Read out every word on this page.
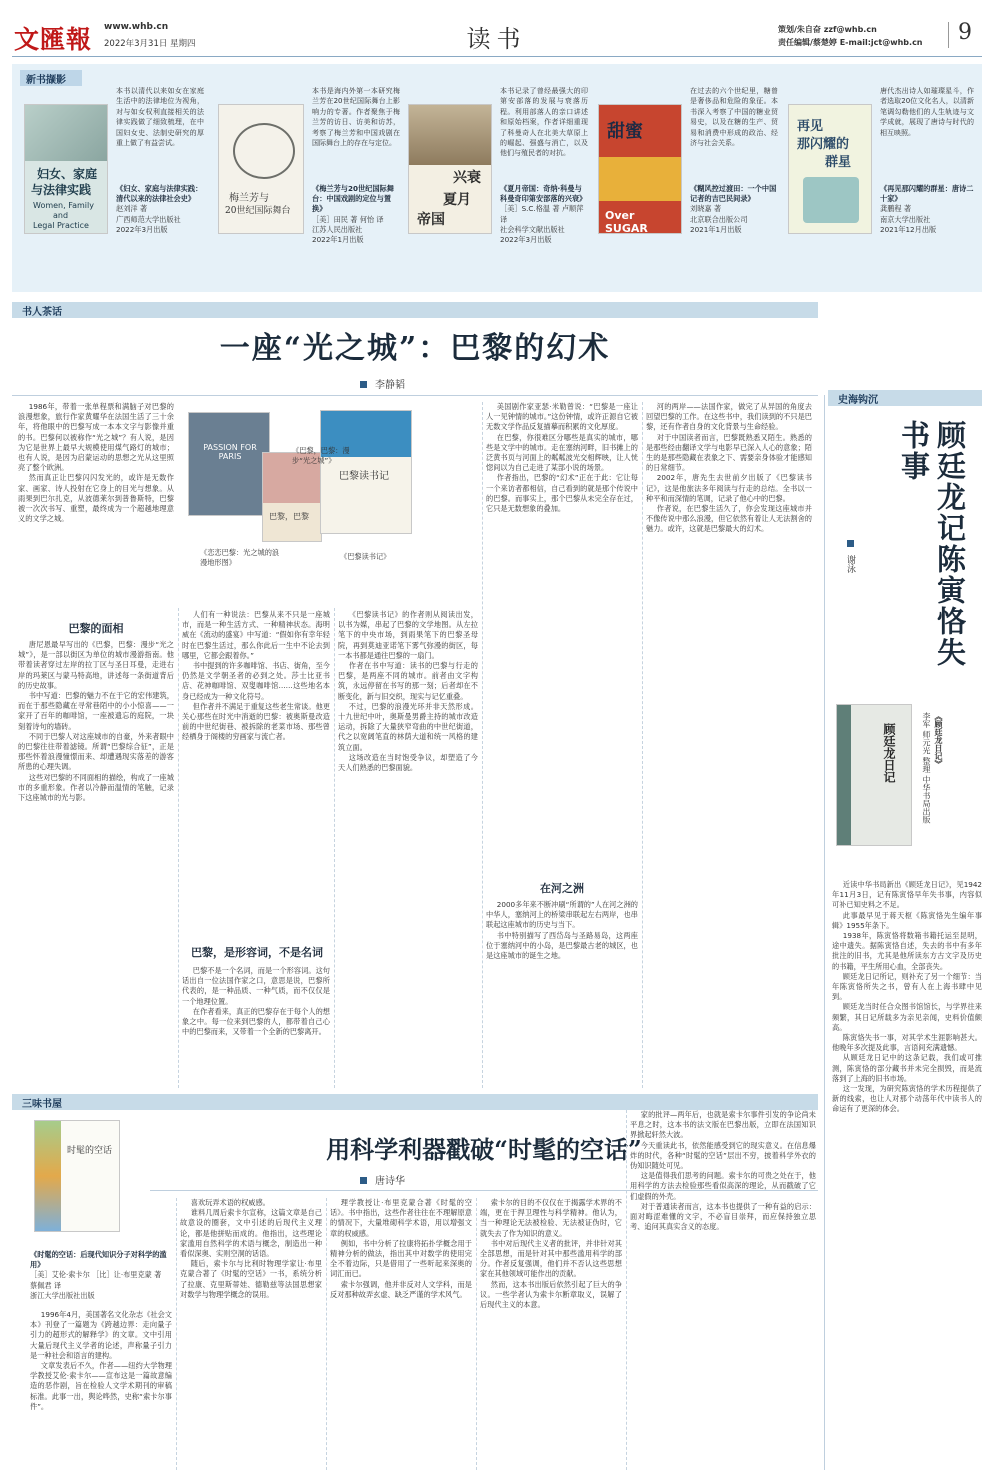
文匯報 www.whb.cn
2022年3月31日 星期四	读书	策划/朱自奋 zzf@whb.cn
责任编辑/蔡楚婷 E-mail:jct@whb.cn 9
新书撷影
妇女、家庭
与法律实践
Women, Family
and
Legal Practice
本书以清代以来如女在家庭生活中的法律地位为视角，对与如女权利直接相关的法律实践做了细致梳理，在中国妇女史、法制史研究的厚重上做了有益尝试。
《妇女、家庭与法律实践：清代以来的法律社会史》
赵刘洋 著
广西师范大学出版社
2022年3月出版
梅兰芳与
20世纪国际舞台
本书是海内外第一本研究梅兰芳在20世纪国际舞台上影响力的专著。作者聚焦于梅兰芳的访日、访美和访苏，考察了梅兰芳和中国戏剧在国际舞台上的存在与定位。
《梅兰芳与20世纪国际舞台：中国戏剧的定位与置换》
［美］田民 著 何怡 译
江苏人民出版社
2022年1月出版
兴衰
夏月
帝国
本书记录了曾经最强大的印第安部落的发展与衰落历程。利用部落人的亲口讲述和原始档案，作者详细重现了科曼奇人在北美大草原上的崛起、强盛与消亡，以及他们与殖民者的对抗。
《夏月帝国：奇纳·科曼与科曼奇印第安部落的兴衰》
［美］S.C.格温 著 卢顺萍 译
社会科学文献出版社
2022年3月出版
甜蜜
Over SUGAR
在过去的六个世纪里，糖曾是奢侈品和危险的象征。本书深入考察了中国的糖业贸易史，以及在糖的生产、贸易和消费中形成的政治、经济与社会关系。
《糊风控过渡田：一个中国记者的吉巴民间录》
刘晓嘉 著
北京联合出版公司
2021年1月出版
再见
那闪耀的
群星
唐代杰出诗人如璀璨星斗，作者选取20位文化名人，以清新笔调勾勒他们的人生轨迹与文学成就，展现了唐诗与时代的相互映照。
《再见那闪耀的群星：唐诗二十家》
龚鹏程 著
南京大学出版社
2021年12月出版
书人茶话
一座“光之城”：巴黎的幻术
李静韬
PASSION FOR PARIS
巴黎，巴黎
巴黎读书记
《恋恋巴黎：光之城的浪漫地形图》
《巴黎，巴黎：漫步“光之城”》
《巴黎读书记》

1986年，带着一张单程票和满脑子对巴黎的浪漫想象，旅行作家黄耀华在法国生活了三十余年，将他眼中的巴黎写成一本本文字与影像并重的书。巴黎何以被称作“光之城”？有人说，是因为它是世界上最早大规模使用煤气路灯的城市；也有人说，是因为启蒙运动的思想之光从这里照亮了整个欧洲。

然而真正让巴黎闪闪发光的，或许是无数作家、画家、诗人投射在它身上的目光与想象。从雨果到巴尔扎克，从波德莱尔到普鲁斯特，巴黎被一次次书写、重塑，最终成为一个超越地理意义的文学之城。

巴黎的面相

唐尼恩最早写出的《巴黎，巴黎：漫步“光之城”》，是一部以街区为单位的城市漫游指南。他带着读者穿过左岸的拉丁区与圣日耳曼，走进右岸的玛莱区与蒙马特高地，讲述每一条街道背后的历史故事。

书中写道：巴黎的魅力不在于它的宏伟建筑，而在于那些隐藏在寻常巷陌中的小小惊喜——一家开了百年的咖啡馆，一座被遗忘的庭院，一块刻着诗句的墙砖。

不同于巴黎人对这座城市的自豪，外来者眼中的巴黎往往带着滤镜。所谓“巴黎综合征”，正是那些怀着浪漫憧憬而来、却遭遇现实落差的游客所患的心理失调。

这些对巴黎的不同面相的描绘，构成了一座城市的多重形象。作者以冷静而温情的笔触，记录下这座城市的光与影。

人们有一种说法：巴黎从来不只是一座城市，而是一种生活方式、一种精神状态。海明威在《流动的盛宴》中写道：“假如你有幸年轻时在巴黎生活过，那么你此后一生中不论去到哪里，它都会跟着你。”

书中提到的许多咖啡馆、书店、街角，至今仍然是文学朝圣者的必到之处。莎士比亚书店、花神咖啡馆、双叟咖啡馆……这些地名本身已经成为一种文化符号。

但作者并不满足于重复这些老生常谈。他更关心那些在时光中消逝的巴黎：被奥斯曼改造前的中世纪街巷、被拆除的老菜市场、那些曾经栖身于阁楼的穷画家与流亡者。

巴黎，是形容词，不是名词

巴黎不是一个名词，而是一个形容词。这句话出自一位法国作家之口，意思是说，巴黎所代表的，是一种品质、一种气质，而不仅仅是一个地理位置。

在作者看来，真正的巴黎存在于每个人的想象之中。每一位来到巴黎的人，都带着自己心中的巴黎而来，又带着一个全新的巴黎离开。

《巴黎读书记》的作者则从阅读出发，以书为媒，串起了巴黎的文学地图。从左拉笔下的中央市场，到雨果笔下的巴黎圣母院，再到莫迪亚诺笔下雾气弥漫的街区，每一本书都是通往巴黎的一扇门。

作者在书中写道：读书的巴黎与行走的巴黎，是两座不同的城市。前者由文字构筑，永远停留在书写的那一刻；后者却在不断变化，新与旧交织，现实与记忆重叠。

不过，巴黎的浪漫光环并非天然形成。十九世纪中叶，奥斯曼男爵主持的城市改造运动，拆除了大量狭窄弯曲的中世纪街道，代之以宽阔笔直的林荫大道和统一风格的建筑立面。

这场改造在当时饱受争议，却塑造了今天人们熟悉的巴黎面貌。

美国剧作家亚瑟·米勒曾说：“巴黎是一座让人一见钟情的城市。”这份钟情，或许正源自它被无数文学作品反复描摹而积累的文化厚度。

在巴黎，你很难区分哪些是真实的城市，哪些是文学中的城市。走在塞纳河畔，旧书摊上的泛黄书页与河面上的粼粼波光交相辉映，让人恍惚间以为自己走进了某部小说的场景。

作者指出，巴黎的“幻术”正在于此：它让每一个来访者都相信，自己看到的就是那个传说中的巴黎。而事实上，那个巴黎从未完全存在过，它只是无数想象的叠加。

在河之洲

2000多年来不断冲刷“所谓的”人在河之洲的中华人，塞纳河上的桥梁串联起左右两岸，也串联起这座城市的历史与当下。

书中特别描写了西岱岛与圣路易岛，这两座位于塞纳河中的小岛，是巴黎最古老的城区，也是这座城市的诞生之地。

河的两岸——法国作家，做完了从异国的角度去回望巴黎的工作。在这些书中，我们读到的不只是巴黎，还有作者自身的文化背景与生命经验。

对于中国读者而言，巴黎既熟悉又陌生。熟悉的是那些经由翻译文学与电影早已深入人心的意象；陌生的是那些隐藏在表象之下、需要亲身体验才能感知的日常细节。

2002年，唐先生去世前夕出版了《巴黎读书记》，这是他旅法多年阅读与行走的总结。全书以一种平和而深情的笔调，记录了他心中的巴黎。

作者说，在巴黎生活久了，你会发现这座城市并不像传说中那么浪漫，但它依然有着让人无法割舍的魅力。或许，这就是巴黎最大的幻术。

史海钩沉
顾廷龙记陈寅恪失书事
谢泳
顾廷龙日记	《顾廷龙日记》
李军 师元光 整理 中华书局出版

近读中华书局新出《顾廷龙日记》，见1942年11月3日，记有陈寅恪早年失书事，内容似可补已知史料之不足。

此事最早见于蒋天枢《陈寅恪先生编年事辑》1955年条下。

1938年，陈寅恪将数箱书籍托运至昆明，途中遗失。据陈寅恪自述，失去的书中有多年批注的旧书，尤其是他所读东方古文字及历史的书籍，平生所用心血，全部丧失。

顾廷龙日记所记，则补充了另一个细节：当年陈寅恪所失之书，曾有人在上海书肆中见到。

顾廷龙当时任合众图书馆馆长，与学界往来频繁，其日记所载多为亲见亲闻，史料价值颇高。

陈寅恪失书一事，对其学术生涯影响甚大。他晚年多次提及此事，言语间充满遗憾。

从顾廷龙日记中的这条记载，我们或可推测，陈寅恪的部分藏书并未完全损毁，而是流落到了上海的旧书市场。

这一发现，为研究陈寅恪的学术历程提供了新的线索，也让人对那个动荡年代中读书人的命运有了更深的体会。

三味书屋
时髦的空话	用科学利器戳破“时髦的空话”
唐诗华
《时髦的空话：后现代知识分子对科学的滥用》
［美］艾伦·索卡尔 ［比］让·布里克蒙 著 蔡佩君 译
浙江大学出版社出版

1996年4月，美国著名文化杂志《社会文本》刊登了一篇题为《跨越边界：走向量子引力的超形式的解释学》的文章。文中引用大量后现代主义学者的论述，声称量子引力是一种社会和语言的建构。

文章发表后不久，作者——纽约大学物理学教授艾伦·索卡尔——宣布这是一篇故意编造的恶作剧，旨在检验人文学术期刊的审稿标准。此事一出，舆论哗然，史称“索卡尔事件”。

喜欢玩弄术语的权威感。

谁料几周后索卡尔宣称，这篇文章是自己故意设的圈套，文中引述的后现代主义理论，都是他拼贴而成的。他指出，这些理论家滥用自然科学的术语与概念，制造出一种看似深奥、实则空洞的话语。

随后，索卡尔与比利时物理学家让·布里克蒙合著了《时髦的空话》一书，系统分析了拉康、克里斯蒂娃、德勒兹等法国思想家对数学与物理学概念的误用。

理学教授让·布里克蒙合著《时髦的空话》。书中指出，这些作者往往在不理解原意的情况下，大量堆砌科学术语，用以增强文章的权威感。

例如，书中分析了拉康将拓扑学概念用于精神分析的做法，指出其中对数学的使用完全不着边际，只是借用了一些听起来深奥的词汇而已。

索卡尔强调，他并非反对人文学科，而是反对那种故弄玄虚、缺乏严谨的学术风气。

索卡尔的目的不仅仅在于揭露学术界的不端，更在于捍卫理性与科学精神。他认为，当一种理论无法被检验、无法被证伪时，它就失去了作为知识的意义。

书中对后现代主义者的批评，并非针对其全部思想，而是针对其中那些滥用科学的部分。作者反复强调，他们并不否认这些思想家在其他领域可能作出的贡献。

然而，这本书出版后依然引起了巨大的争议。一些学者认为索卡尔断章取义，误解了后现代主义的本意。

家的批评—两年后，也就是索卡尔事件引发的争论尚未平息之时，这本书的法文版在巴黎出版，立即在法国知识界掀起轩然大波。

今天重读此书，依然能感受到它的现实意义。在信息爆炸的时代，各种“时髦的空话”层出不穷，披着科学外衣的伪知识随处可见。

这是值得我们思考的问题。索卡尔的可贵之处在于，他用科学的方法去检验那些看似高深的理论，从而戳破了它们虚假的外壳。

对于普通读者而言，这本书也提供了一种有益的启示：面对晦涩难懂的文字，不必盲目崇拜，而应保持独立思考、追问其真实含义的态度。
